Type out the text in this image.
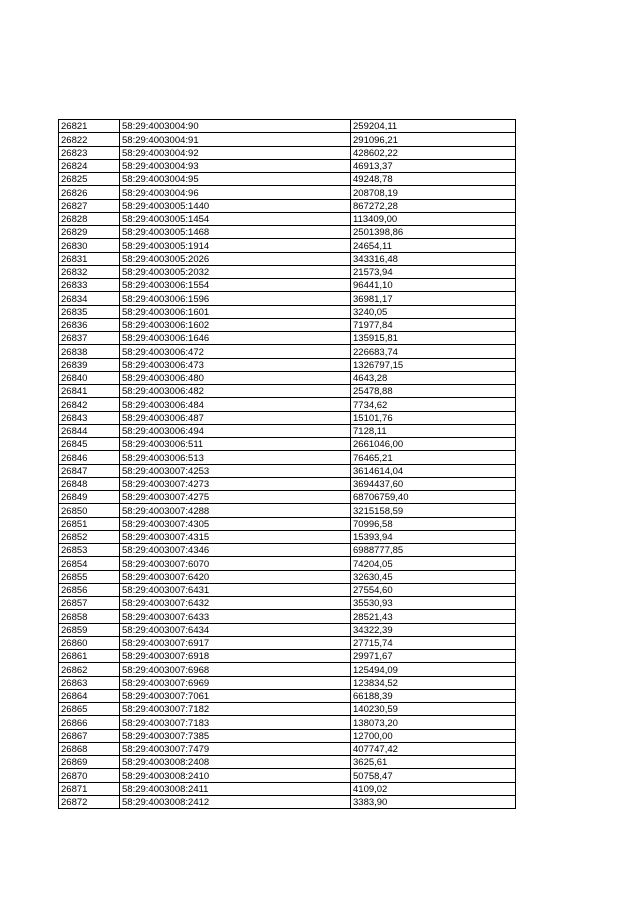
26821	58:29:4003004:90	259204,11
26822	58:29:4003004:91	291096,21
26823	58:29:4003004:92	428602,22
26824	58:29:4003004:93	46913,37
26825	58:29:4003004:95	49248,78
26826	58:29:4003004:96	208708,19
26827	58:29:4003005:1440	867272,28
26828	58:29:4003005:1454	113409,00
26829	58:29:4003005:1468	2501398,86
26830	58:29:4003005:1914	24654,11
26831	58:29:4003005:2026	343316,48
26832	58:29:4003005:2032	21573,94
26833	58:29:4003006:1554	96441,10
26834	58:29:4003006:1596	36981,17
26835	58:29:4003006:1601	3240,05
26836	58:29:4003006:1602	71977,84
26837	58:29:4003006:1646	135915,81
26838	58:29:4003006:472	226683,74
26839	58:29:4003006:473	1326797,15
26840	58:29:4003006:480	4643,28
26841	58:29:4003006:482	25478,88
26842	58:29:4003006:484	7734,62
26843	58:29:4003006:487	15101,76
26844	58:29:4003006:494	7128,11
26845	58:29:4003006:511	2661046,00
26846	58:29:4003006:513	76465,21
26847	58:29:4003007:4253	3614614,04
26848	58:29:4003007:4273	3694437,60
26849	58:29:4003007:4275	68706759,40
26850	58:29:4003007:4288	3215158,59
26851	58:29:4003007:4305	70996,58
26852	58:29:4003007:4315	15393,94
26853	58:29:4003007:4346	6988777,85
26854	58:29:4003007:6070	74204,05
26855	58:29:4003007:6420	32630,45
26856	58:29:4003007:6431	27554,60
26857	58:29:4003007:6432	35530,93
26858	58:29:4003007:6433	28521,43
26859	58:29:4003007:6434	34322,39
26860	58:29:4003007:6917	27715,74
26861	58:29:4003007:6918	29971,67
26862	58:29:4003007:6968	125494,09
26863	58:29:4003007:6969	123834,52
26864	58:29:4003007:7061	66188,39
26865	58:29:4003007:7182	140230,59
26866	58:29:4003007:7183	138073,20
26867	58:29:4003007:7385	12700,00
26868	58:29:4003007:7479	407747,42
26869	58:29:4003008:2408	3625,61
26870	58:29:4003008:2410	50758,47
26871	58:29:4003008:2411	4109,02
26872	58:29:4003008:2412	3383,90
